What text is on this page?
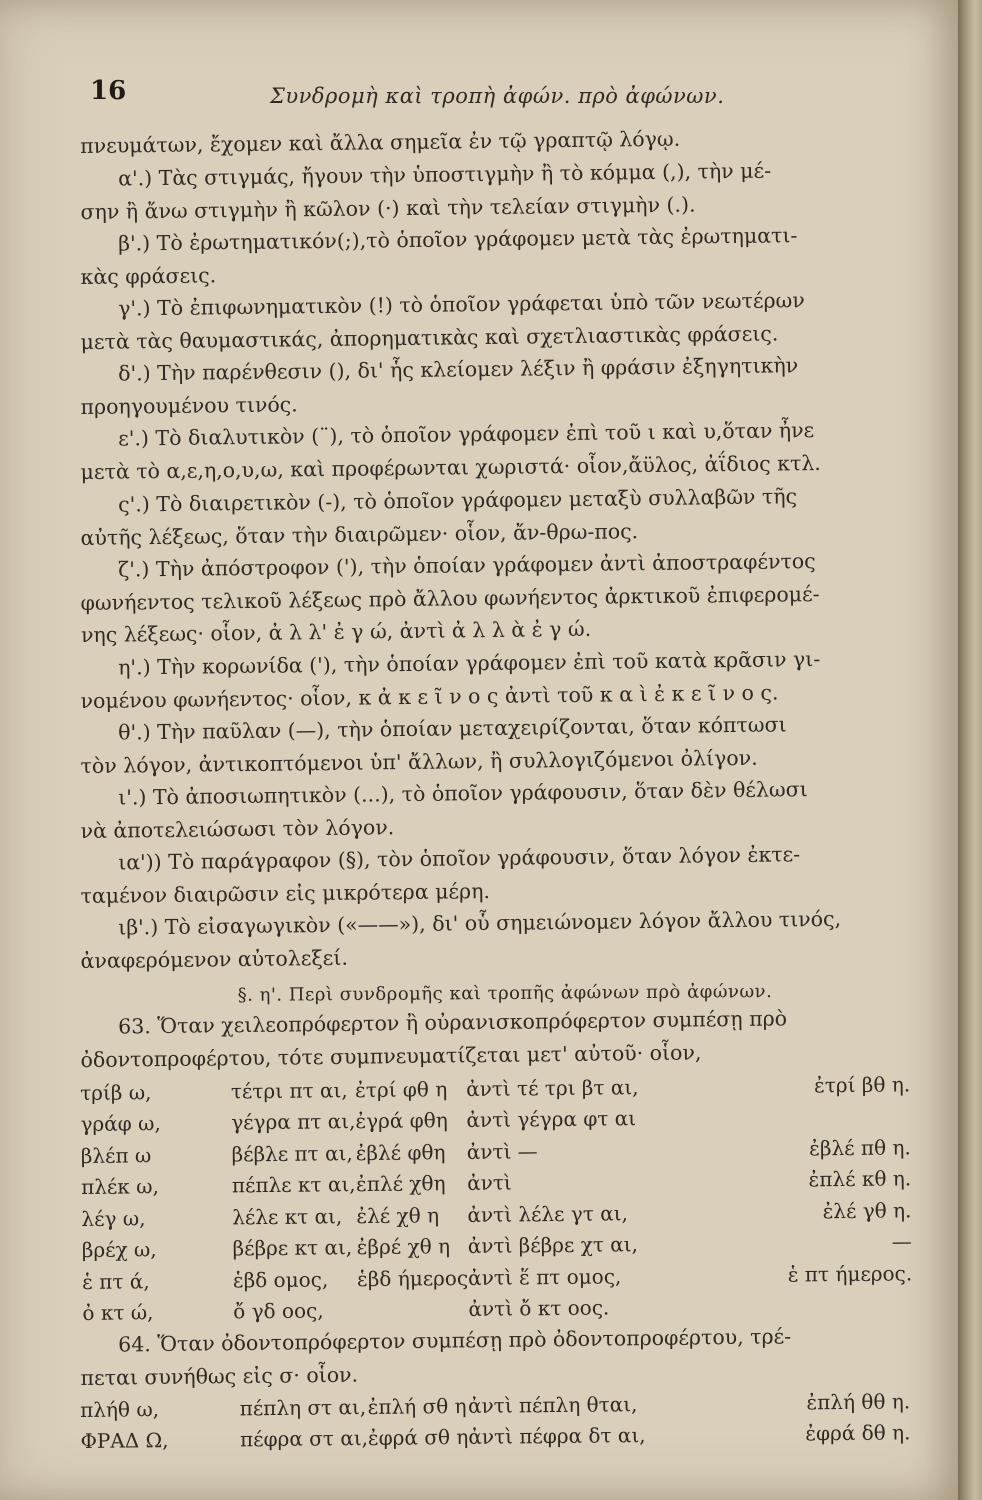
16	Συνδρομὴ καὶ τροπὴ ἀφών. πρὸ ἀφώνων.
πνευμάτων, ἔχομεν καὶ ἄλλα σημεῖα ἐν τῷ γραπτῷ λόγῳ.
α'.) Τὰς στιγμάς, ἤγουν τὴν ὑποστιγμὴν ἢ τὸ κόμμα (,), τὴν μέ-
σην ἢ ἄνω στιγμὴν ἢ κῶλον (·) καὶ τὴν τελείαν στιγμὴν (.).
β'.) Τὸ ἐρωτηματικόν(;),τὸ ὁποῖον γράφομεν μετὰ τὰς ἐρωτηματι-
κὰς φράσεις.
γ'.) Τὸ ἐπιφωνηματικὸν (!) τὸ ὁποῖον γράφεται ὑπὸ τῶν νεωτέρων
μετὰ τὰς θαυμαστικάς, ἀπορηματικὰς καὶ σχετλιαστικὰς φράσεις.
δ'.) Τὴν παρένθεσιν (), δι' ἧς κλείομεν λέξιν ἢ φράσιν ἐξηγητικὴν
προηγουμένου τινός.
ε'.) Τὸ διαλυτικὸν (¨), τὸ ὁποῖον γράφομεν ἐπὶ τοῦ ι καὶ υ,ὅταν ἦνε
μετὰ τὸ α,ε,η,ο,υ,ω, καὶ προφέρωνται χωριστά· οἷον,ἄϋλος, ἀΐδιος κτλ.
ς'.) Τὸ διαιρετικὸν (-), τὸ ὁποῖον γράφομεν μεταξὺ συλλαβῶν τῆς
αὐτῆς λέξεως, ὅταν τὴν διαιρῶμεν· οἷον, ἄν-θρω-πος.
ζ'.) Τὴν ἀπόστροφον ('), τὴν ὁποίαν γράφομεν ἀντὶ ἀποστραφέντος
φωνήεντος τελικοῦ λέξεως πρὸ ἄλλου φωνήεντος ἀρκτικοῦ ἐπιφερομέ-
νης λέξεως· οἷον, ἀ λ λ' ἐ γ ώ, ἀντὶ ἀ λ λ ὰ ἐ γ ώ.
η'.) Τὴν κορωνίδα ('), τὴν ὁποίαν γράφομεν ἐπὶ τοῦ κατὰ κρᾶσιν γι-
νομένου φωνήεντος· οἷον, κ ἀ κ ε ῖ ν ο ς ἀντὶ τοῦ κ α ὶ ἐ κ ε ῖ ν ο ς.
θ'.) Τὴν παῦλαν (—), τὴν ὁποίαν μεταχειρίζονται, ὅταν κόπτωσι
τὸν λόγον, ἀντικοπτόμενοι ὑπ' ἄλλων, ἢ συλλογιζόμενοι ὀλίγον.
ι'.) Τὸ ἀποσιωπητικὸν (...), τὸ ὁποῖον γράφουσιν, ὅταν δὲν θέλωσι
νὰ ἀποτελειώσωσι τὸν λόγον.
ια')) Τὸ παράγραφον (§), τὸν ὁποῖον γράφουσιν, ὅταν λόγον ἐκτε-
ταμένον διαιρῶσιν εἰς μικρότερα μέρη.
ιβ'.) Τὸ εἰσαγωγικὸν («——»), δι' οὗ σημειώνομεν λόγον ἄλλου τινός,
ἀναφερόμενον αὐτολεξεί.
§. η'. Περὶ συνδρομῆς καὶ τροπῆς ἀφώνων πρὸ ἀφώνων.
63. Ὅταν χειλεοπρόφερτον ἢ οὐρανισκοπρόφερτον συμπέσῃ πρὸ
ὀδοντοπροφέρτου, τότε συμπνευματίζεται μετ' αὐτοῦ· οἷον,
τρίβ ω,	τέτρι πτ αι,	ἐτρί φθ η	ἀντὶ τέ τρι βτ αι,		ἐτρί βθ η.
γράφ ω,	γέγρα πτ αι,	ἐγρά φθη	ἀντὶ γέγρα φτ αι		
βλέπ ω	βέβλε πτ αι,	ἐβλέ φθη	ἀντὶ —		ἐβλέ πθ η.
πλέκ ω,	πέπλε κτ αι,	ἐπλέ χθη	ἀντὶ		ἐπλέ κθ η.
λέγ ω,	λέλε κτ αι,	ἐλέ χθ η	ἀντὶ λέλε γτ αι,		ἐλέ γθ η.
βρέχ ω,	βέβρε κτ αι,	ἐβρέ χθ η	ἀντὶ βέβρε χτ αι,		—
ἑ πτ ά,	ἑβδ ομος,	ἑβδ ήμερος	ἀντὶ ἕ πτ ομος,		ἑ πτ ήμερος.
ὀ κτ ώ,	ὄ γδ οος,		ἀντὶ ὄ κτ οος.		
64. Ὅταν ὀδοντοπρόφερτον συμπέσῃ πρὸ ὀδοντοπροφέρτου, τρέ-
πεται συνήθως εἰς σ· οἷον.
πλήθ ω,	πέπλη στ αι,	ἐπλή σθ η	ἀντὶ πέπλη θται,		ἐπλή θθ η.
ΦΡΑΔ Ω,	πέφρα στ αι,	ἐφρά σθ η	ἀντὶ πέφρα δτ αι,		ἐφρά δθ η.
